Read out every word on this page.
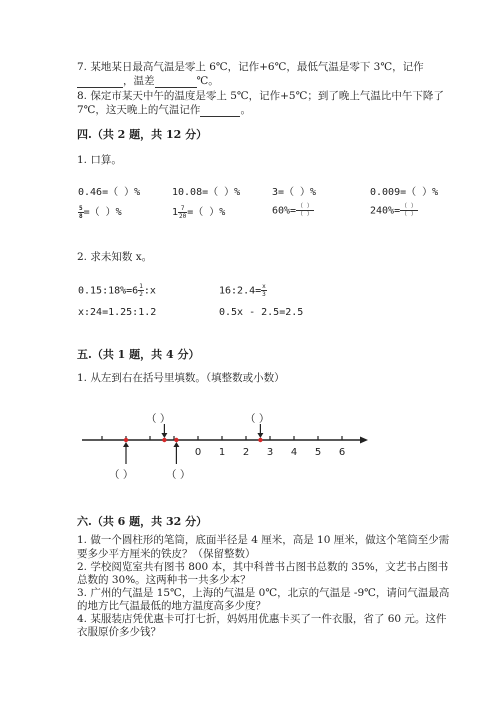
7. 某地某日最高气温是零上 6℃，记作+6℃，最低气温是零下 3℃，记作
，温差	℃。
8. 保定市某天中午的温度是零上 5℃，记作+5℃；到了晚上气温比中午下降了
7℃，这天晚上的气温记作	。
四.（共 2 题，共 12 分）
1. 口算。
0.46=（ ）%	10.08=（ ）%	3=（ ）%	0.009=（ ）%
$\frac{5}{8}$ =（ ）%	$1 \frac{7}{20}$ =（ ）%	$60\%= \frac{( )}{( )}$	$240\%= \frac{( )}{( )}$
2. 求未知数 x。
0.15:18%=6 $\frac{1}{2}$ :x	16:2.4= $\frac{x}{3}$
x:24=1.25:1.2	0.5x - 2.5=2.5
五.（共 1 题，共 4 分）
1. 从左到右在括号里填数。（填整数或小数）
（ ）	（ ）
（ ）	（ ）
0 1 2 3 4 5 6
六.（共 6 题，共 32 分）
1. 做一个圆柱形的笔筒，底面半径是 4 厘米，高是 10 厘米，做这个笔筒至少需
要多少平方厘米的铁皮？（保留整数）
2. 学校阅览室共有图书 800 本，其中科普书占图书总数的 35%，文艺书占图书
总数的 30%。这两种书一共多少本？
3. 广州的气温是 15℃，上海的气温是 0℃，北京的气温是 -9℃，请问气温最高
的地方比气温最低的地方温度高多少度？
4. 某服装店凭优惠卡可打七折，妈妈用优惠卡买了一件衣服，省了 60 元。这件
衣服原价多少钱？
